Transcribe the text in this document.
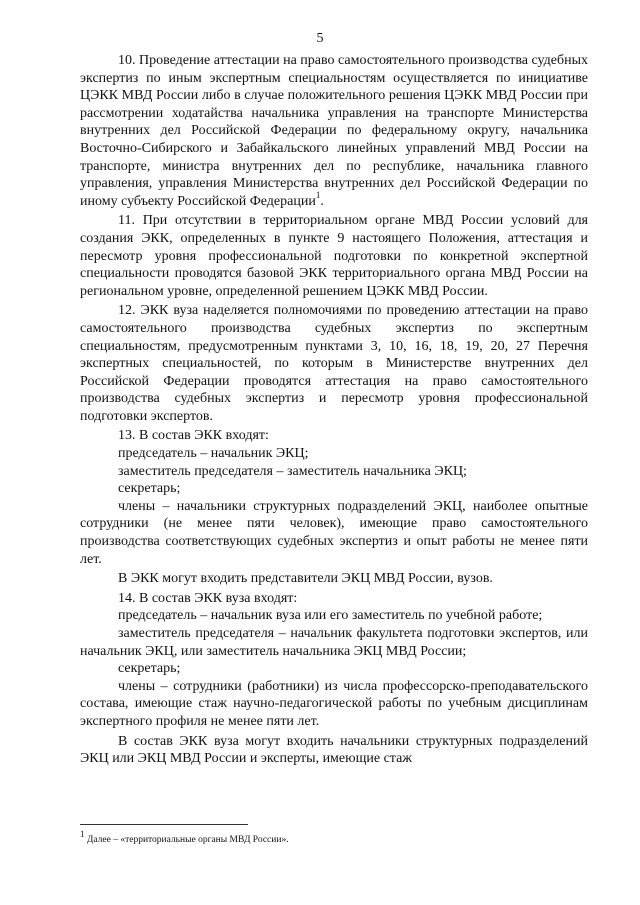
5

10. Проведение аттестации на право самостоятельного производства судебных экспертиз по иным экспертным специальностям осуществляется по инициативе ЦЭКК МВД России либо в случае положительного решения ЦЭКК МВД России при рассмотрении ходатайства начальника управления на транспорте Министерства внутренних дел Российской Федерации по федеральному округу, начальника Восточно-Сибирского и Забайкальского линейных управлений МВД России на транспорте, министра внутренних дел по республике, начальника главного управления, управления Министерства внутренних дел Российской Федерации по иному субъекту Российской Федерации$^1$.

11. При отсутствии в территориальном органе МВД России условий для создания ЭКК, определенных в пункте 9 настоящего Положения, аттестация и пересмотр уровня профессиональной подготовки по конкретной экспертной специальности проводятся базовой ЭКК территориального органа МВД России на региональном уровне, определенной решением ЦЭКК МВД России.

12. ЭКК вуза наделяется полномочиями по проведению аттестации на право самостоятельного производства судебных экспертиз по экспертным специальностям, предусмотренным пунктами 3, 10, 16, 18, 19, 20, 27 Перечня экспертных специальностей, по которым в Министерстве внутренних дел Российской Федерации проводятся аттестация на право самостоятельного производства судебных экспертиз и пересмотр уровня профессиональной подготовки экспертов.

13. В состав ЭКК входят:

председатель – начальник ЭКЦ;

заместитель председателя – заместитель начальника ЭКЦ;

секретарь;

члены – начальники структурных подразделений ЭКЦ, наиболее опытные сотрудники (не менее пяти человек), имеющие право самостоятельного производства соответствующих судебных экспертиз и опыт работы не менее пяти лет.

В ЭКК могут входить представители ЭКЦ МВД России, вузов.

14. В состав ЭКК вуза входят:

председатель – начальник вуза или его заместитель по учебной работе;

заместитель председателя – начальник факультета подготовки экспертов, или начальник ЭКЦ, или заместитель начальника ЭКЦ МВД России;

секретарь;

члены – сотрудники (работники) из числа профессорско-преподавательского состава, имеющие стаж научно-педагогической работы по учебным дисциплинам экспертного профиля не менее пяти лет.

В состав ЭКК вуза могут входить начальники структурных подразделений ЭКЦ или ЭКЦ МВД России и эксперты, имеющие стаж

$^1$ Далее – «территориальные органы МВД России».
